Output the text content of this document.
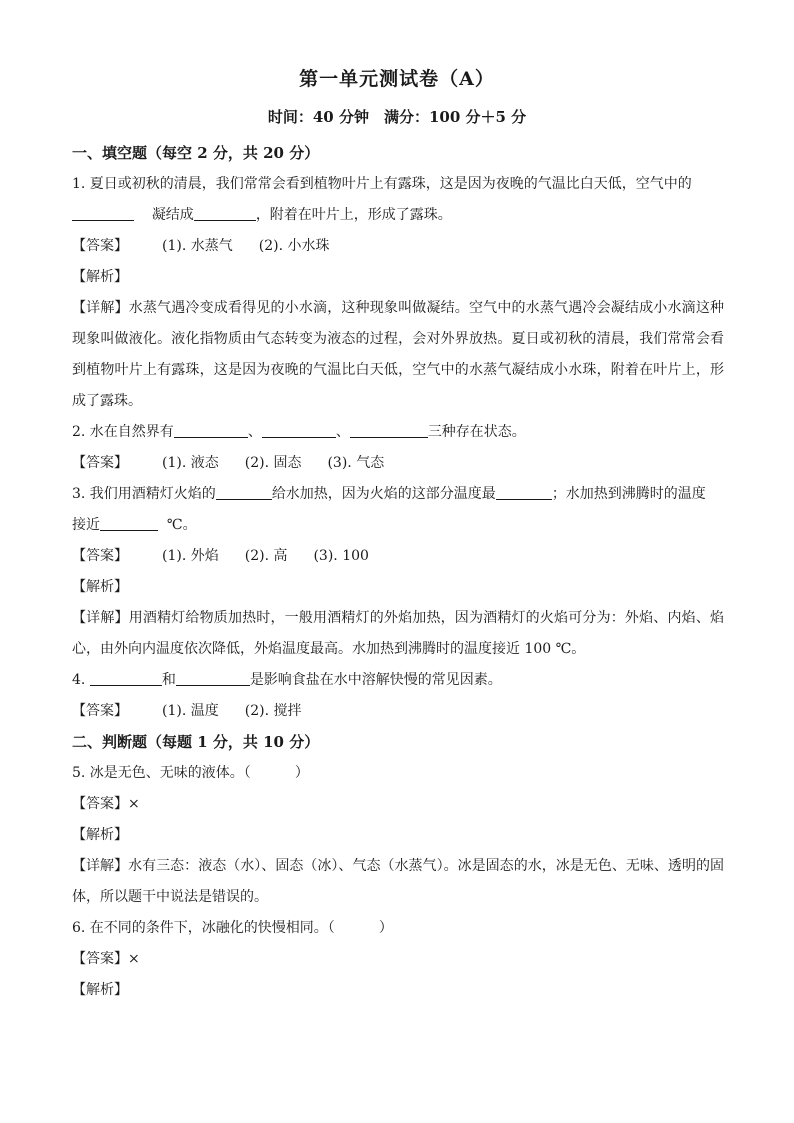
第一单元测试卷（A）
时间：40 分钟　满分：100 分＋5 分
一、填空题（每空 2 分，共 20 分）
1. 夏日或初秋的清晨，我们常常会看到植物叶片上有露珠，这是因为夜晚的气温比白天低，空气中的
凝结成	，附着在叶片上，形成了露珠。
【答案】 (1). 水蒸气 (2). 小水珠
【解析】
【详解】水蒸气遇冷变成看得见的小水滴，这种现象叫做凝结。空气中的水蒸气遇冷会凝结成小水滴这种现象叫做液化。液化指物质由气态转变为液态的过程，会对外界放热。夏日或初秋的清晨，我们常常会看到植物叶片上有露珠，这是因为夜晚的气温比白天低，空气中的水蒸气凝结成小水珠，附着在叶片上，形成了露珠。
2. 水在自然界有	、	、	三种存在状态。
【答案】 (1). 液态 (2). 固态 (3). 气态
3. 我们用酒精灯火焰的	给水加热，因为火焰的这部分温度最	；水加热到沸腾时的温度
接近	℃。
【答案】 (1). 外焰 (2). 高 (3). 100
【解析】
【详解】用酒精灯给物质加热时，一般用酒精灯的外焰加热，因为酒精灯的火焰可分为：外焰、内焰、焰心，由外向内温度依次降低，外焰温度最高。水加热到沸腾时的温度接近 100 ℃。
4.	和	是影响食盐在水中溶解快慢的常见因素。
【答案】 (1). 温度 (2). 搅拌
二、判断题（每题 1 分，共 10 分）
5. 冰是无色、无味的液体。（	）
【答案】×
【解析】
【详解】水有三态：液态（水）、固态（冰）、气态（水蒸气）。冰是固态的水，冰是无色、无味、透明的固体，所以题干中说法是错误的。
6. 在不同的条件下，冰融化的快慢相同。（	）
【答案】×
【解析】
